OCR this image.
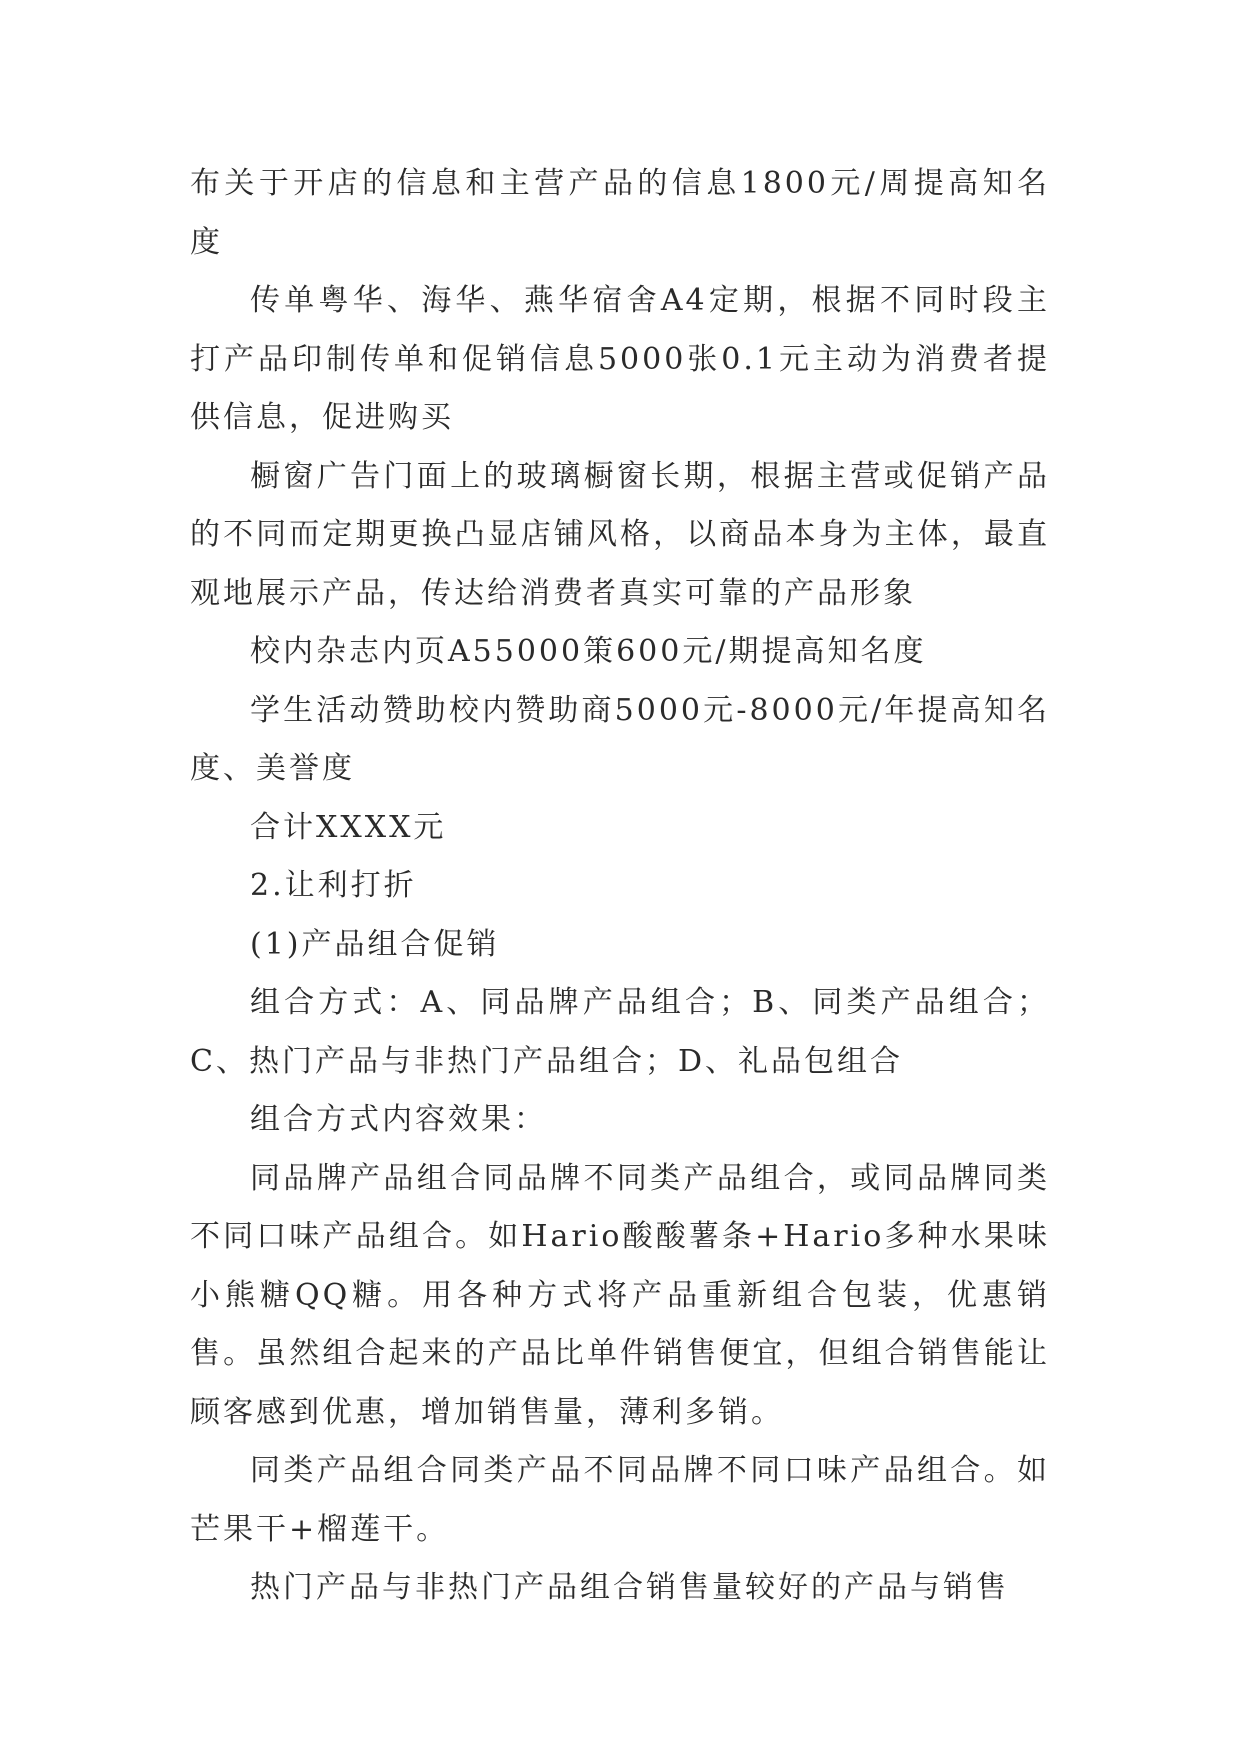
布关于开店的信息和主营产品的信息1800元/周提高知名度

传单粤华、海华、燕华宿舍A4定期，根据不同时段主打产品印制传单和促销信息5000张0.1元主动为消费者提供信息，促进购买

橱窗广告门面上的玻璃橱窗长期，根据主营或促销产品的不同而定期更换凸显店铺风格，以商品本身为主体，最直观地展示产品，传达给消费者真实可靠的产品形象

校内杂志内页A55000策600元/期提高知名度

学生活动赞助校内赞助商5000元-8000元/年提高知名度、美誉度

合计XXXX元

2.让利打折

(1)产品组合促销

组合方式：A、同品牌产品组合；B、同类产品组合；C、热门产品与非热门产品组合；D、礼品包组合

组合方式内容效果：

同品牌产品组合同品牌不同类产品组合，或同品牌同类不同口味产品组合。如Hario酸酸薯条+Hario多种水果味小熊糖QQ糖。用各种方式将产品重新组合包装，优惠销售。虽然组合起来的产品比单件销售便宜，但组合销售能让顾客感到优惠，增加销售量，薄利多销。

同类产品组合同类产品不同品牌不同口味产品组合。如芒果干+榴莲干。

热门产品与非热门产品组合销售量较好的产品与销售
